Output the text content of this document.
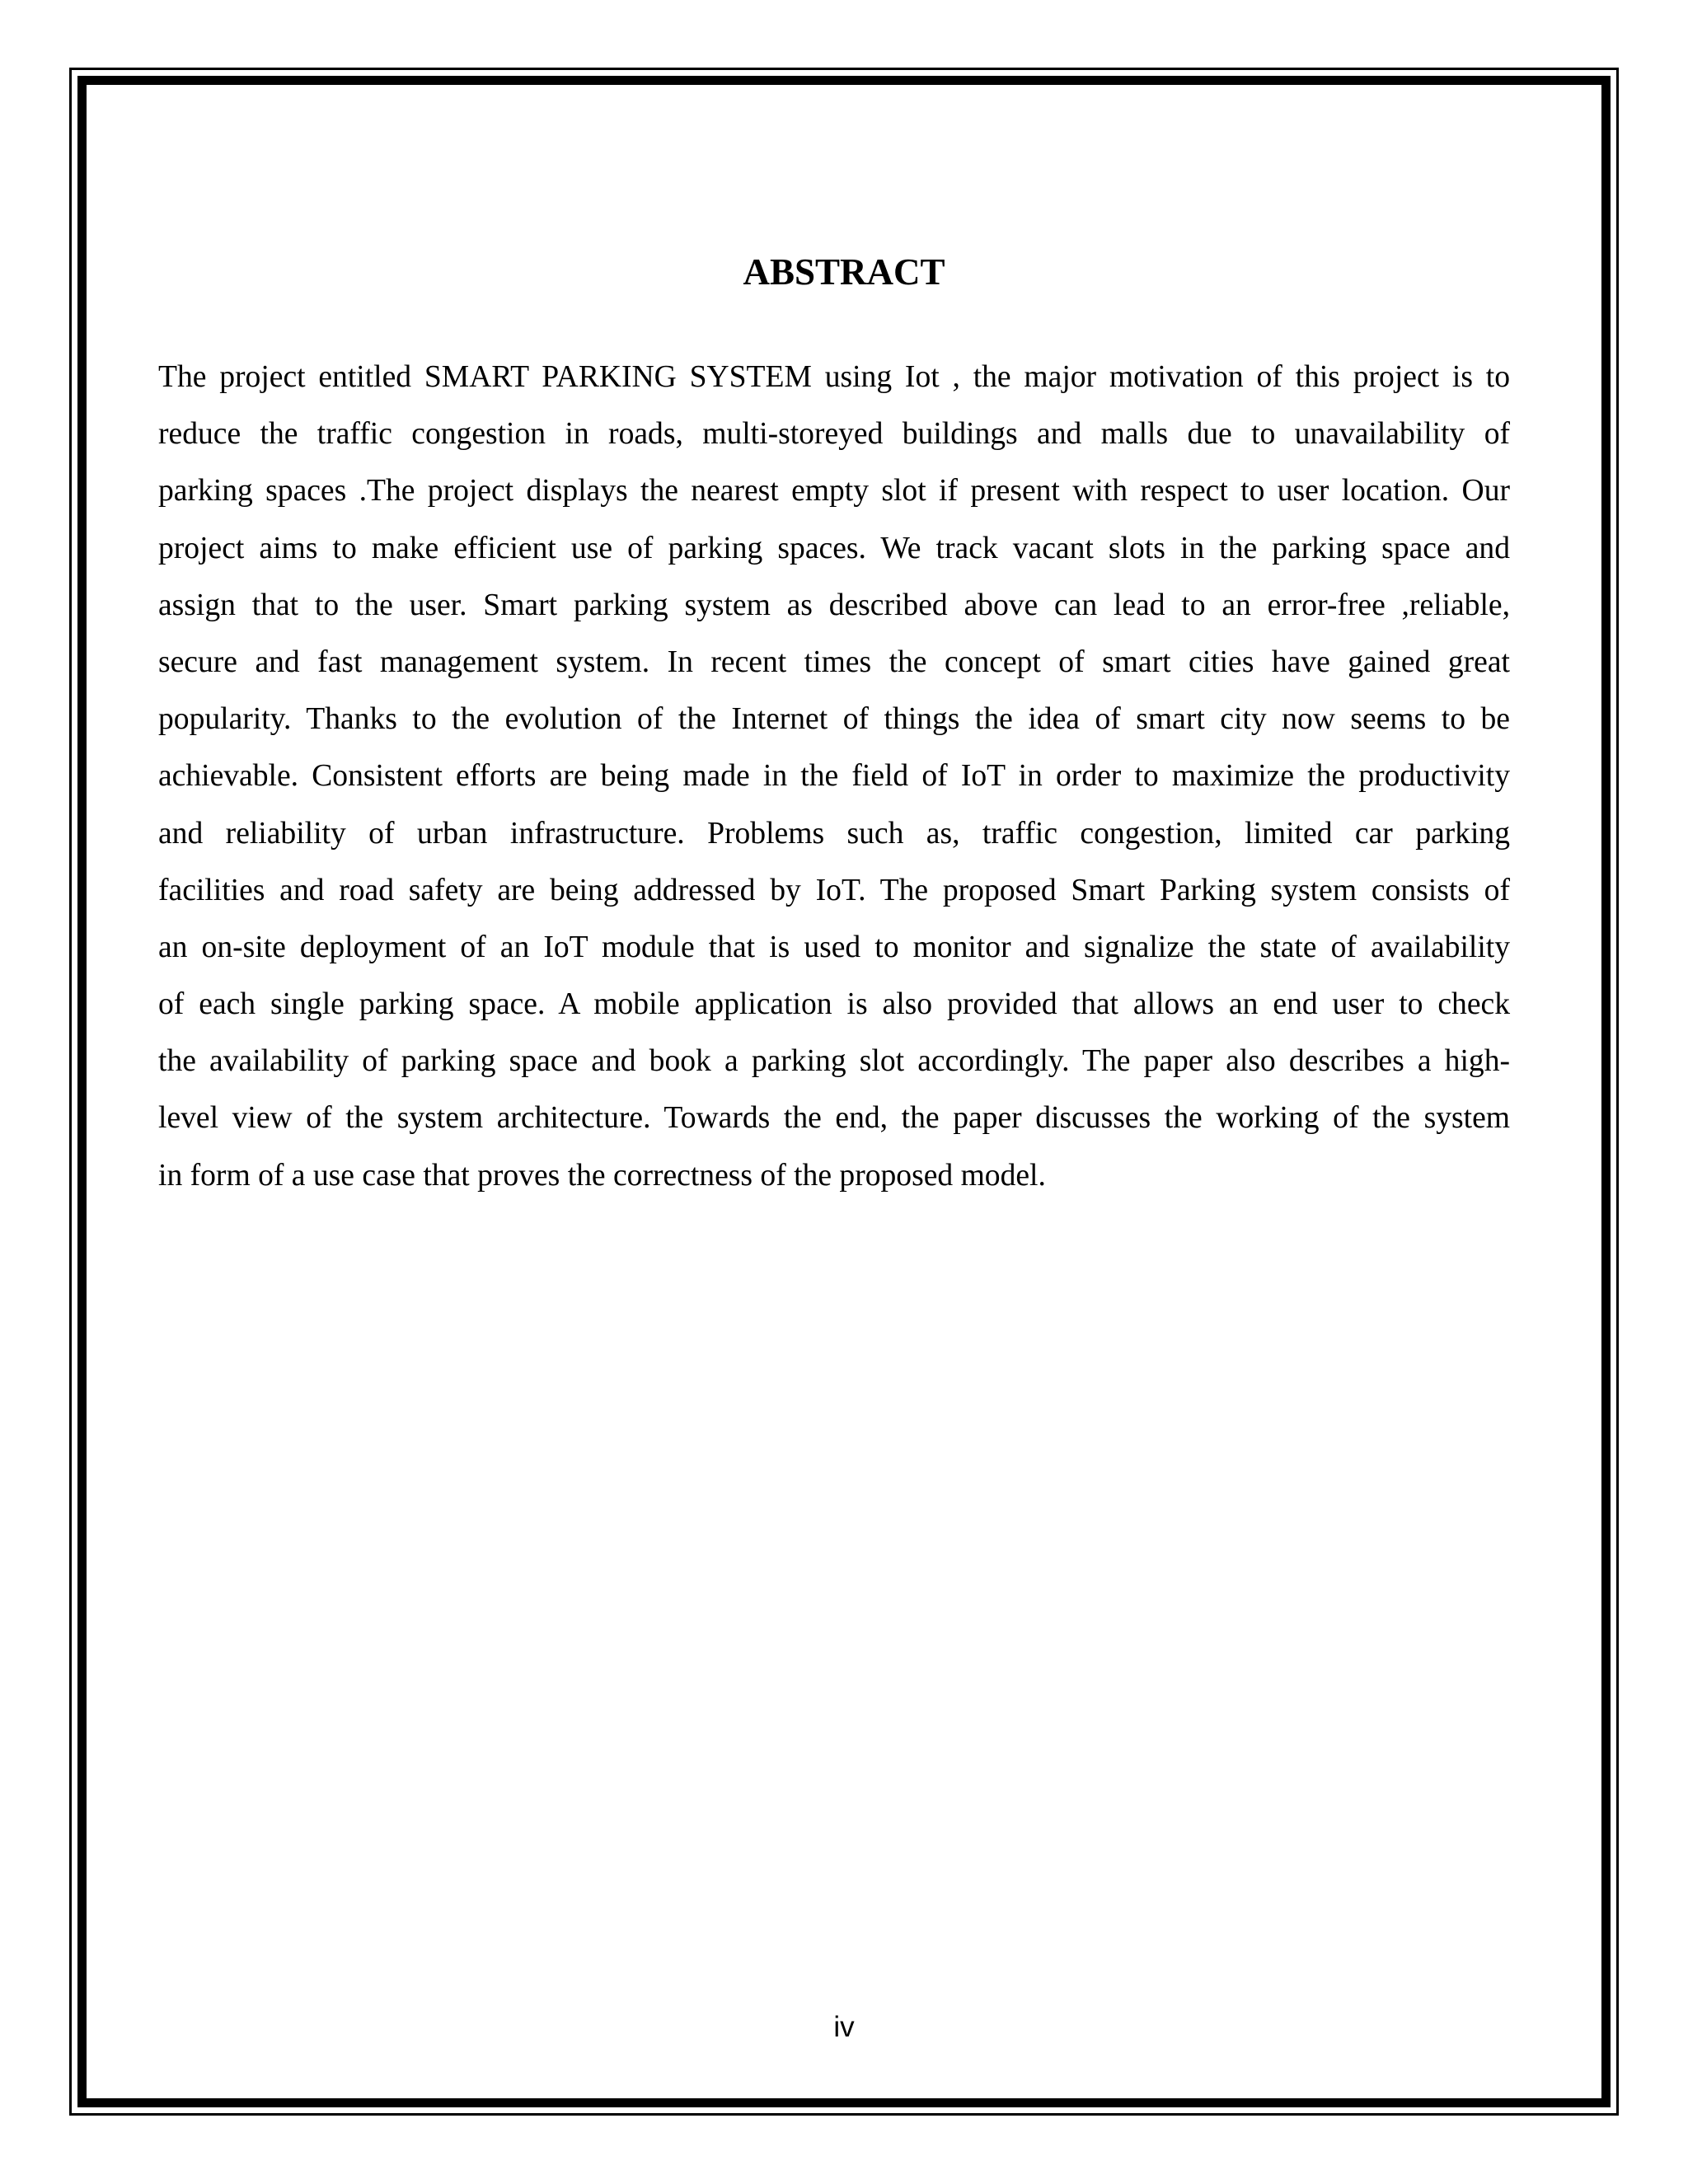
ABSTRACT
The project entitled SMART PARKING SYSTEM using Iot , the major motivation of this project is to
reduce the traffic congestion in roads, multi-storeyed buildings and malls due to unavailability of
parking spaces .The project displays the nearest empty slot if present with respect to user location. Our
project aims to make efficient use of parking spaces. We track vacant slots in the parking space and
assign that to the user. Smart parking system as described above can lead to an error-free ,reliable,
secure and fast management system. In recent times the concept of smart cities have gained great
popularity. Thanks to the evolution of the Internet of things the idea of smart city now seems to be
achievable. Consistent efforts are being made in the field of IoT in order to maximize the productivity
and reliability of urban infrastructure. Problems such as, traffic congestion, limited car parking
facilities and road safety are being addressed by IoT. The proposed Smart Parking system consists of
an on-site deployment of an IoT module that is used to monitor and signalize the state of availability
of each single parking space. A mobile application is also provided that allows an end user to check
the availability of parking space and book a parking slot accordingly. The paper also describes a high-
level view of the system architecture. Towards the end, the paper discusses the working of the system
in form of a use case that proves the correctness of the proposed model.
iv
